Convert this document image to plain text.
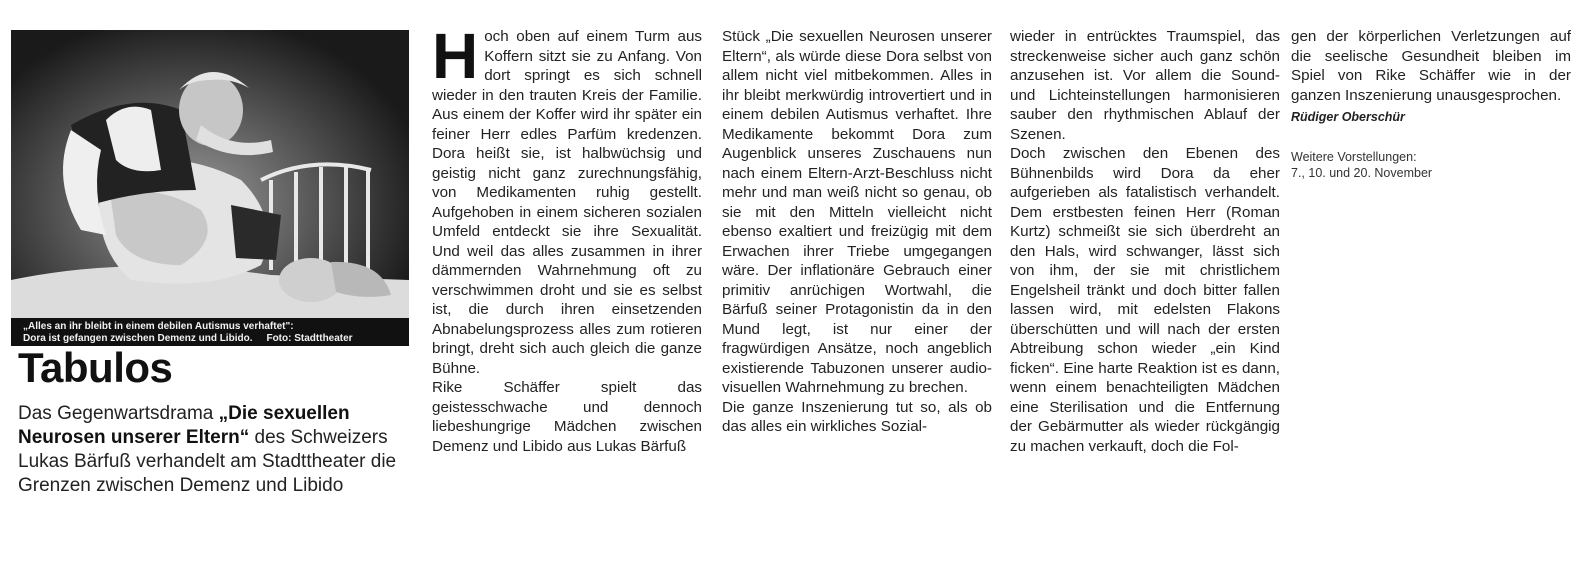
„Alles an ihr bleibt in einem debilen Autismus verhaftet":
Dora ist gefangen zwischen Demenz und Libido. Foto: Stadttheater
Tabulos
Das Gegenwartsdrama „Die sexuellen Neurosen unserer Eltern“ des Schweizers Lukas Bärfuß verhandelt am Stadttheater die Grenzen zwischen Demenz und Libido
H och oben auf einem Turm aus Koffern sitzt sie zu Anfang. Von dort springt es sich schnell wieder in den trauten Kreis der Familie. Aus einem der Koffer wird ihr später ein feiner Herr edles Parfüm kredenzen. Dora heißt sie, ist halbwüchsig und geistig nicht ganz zurechnungsfähig, von Medikamenten ruhig gestellt. Aufgehoben in einem sicheren sozialen Umfeld entdeckt sie ihre Sexualität. Und weil das alles zusammen in ihrer dämmernden Wahrnehmung oft zu verschwimmen droht und sie es selbst ist, die durch ihren einsetzenden Abnabelungsprozess alles zum rotieren bringt, dreht sich auch gleich die ganze Bühne.

Rike Schäffer spielt das geistesschwache und dennoch liebeshungrige Mädchen zwischen Demenz und Libido aus Lukas Bärfuß

Stück „Die sexuellen Neurosen unserer Eltern“, als würde diese Dora selbst von allem nicht viel mitbekommen. Alles in ihr bleibt merkwürdig introvertiert und in einem debilen Autismus verhaftet. Ihre Medikamente bekommt Dora zum Augenblick unseres Zuschauens nun nach einem Eltern-Arzt-Beschluss nicht mehr und man weiß nicht so genau, ob sie mit den Mitteln vielleicht nicht ebenso exaltiert und freizügig mit dem Erwachen ihrer Triebe umgegangen wäre. Der inflationäre Gebrauch einer primitiv anrüchigen Wortwahl, die Bärfuß seiner Protagonistin da in den Mund legt, ist nur einer der fragwürdigen Ansätze, noch angeblich existierende Tabuzonen unserer audio-visuellen Wahrnehmung zu brechen.

Die ganze Inszenierung tut so, als ob das alles ein wirkliches Sozial-

wieder in entrücktes Traumspiel, das streckenweise sicher auch ganz schön anzusehen ist. Vor allem die Sound- und Lichteinstellungen harmonisieren sauber den rhythmischen Ablauf der Szenen.

Doch zwischen den Ebenen des Bühnenbilds wird Dora da eher aufgerieben als fatalistisch verhandelt. Dem erstbesten feinen Herr (Roman Kurtz) schmeißt sie sich überdreht an den Hals, wird schwanger, lässt sich von ihm, der sie mit christlichem Engelsheil tränkt und doch bitter fallen lassen wird, mit edelsten Flakons überschütten und will nach der ersten Abtreibung schon wieder „ein Kind ficken“. Eine harte Reaktion ist es dann, wenn einem benachteiligten Mädchen eine Sterilisation und die Entfernung der Gebärmutter als wieder rückgängig zu machen verkauft, doch die Fol-

gen der körperlichen Verletzungen auf die seelische Gesundheit bleiben im Spiel von Rike Schäffer wie in der ganzen Inszenierung unausgesprochen.

Rüdiger Oberschür
Weitere Vorstellungen:
7., 10. und 20. November
